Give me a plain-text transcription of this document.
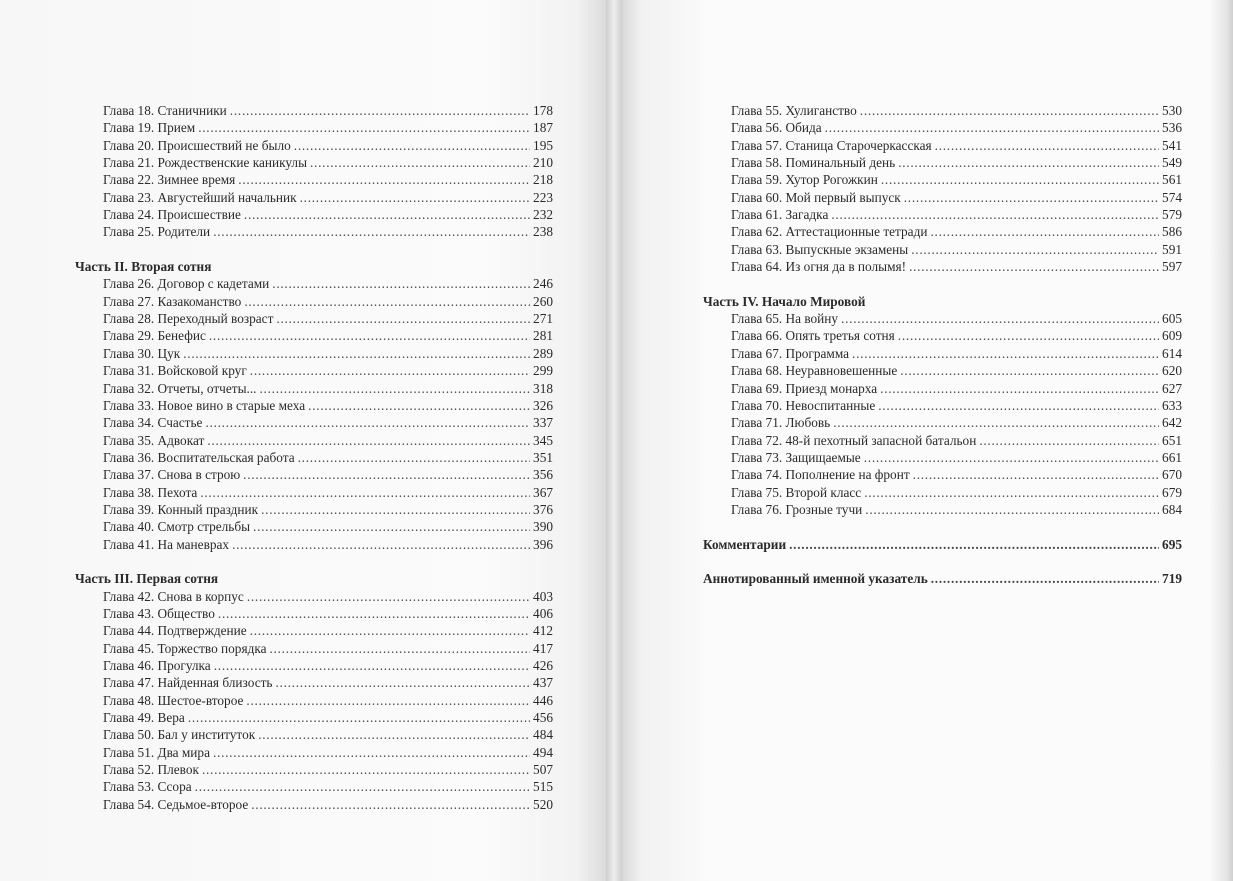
Глава 18. Станичники . . .	178
Глава 19. Прием . . .	187
Глава 20. Происшествий не было . . .	195
Глава 21. Рождественские каникулы . . .	210
Глава 22. Зимнее время . . .	218
Глава 23. Августейший начальник . . .	223
Глава 24. Происшествие . . .	232
Глава 25. Родители . . .	238
Часть II. Вторая сотня
Глава 26. Договор с кадетами . . .	246
Глава 27. Казакоманство . . .	260
Глава 28. Переходный возраст . . .	271
Глава 29. Бенефис . . .	281
Глава 30. Цук . . .	289
Глава 31. Войсковой круг . . .	299
Глава 32. Отчеты, отчеты... . . .	318
Глава 33. Новое вино в старые меха . . .	326
Глава 34. Счастье . . .	337
Глава 35. Адвокат . . .	345
Глава 36. Воспитательская работа . . .	351
Глава 37. Снова в строю . . .	356
Глава 38. Пехота . . .	367
Глава 39. Конный праздник . . .	376
Глава 40. Смотр стрельбы . . .	390
Глава 41. На маневрах . . .	396
Часть III. Первая сотня
Глава 42. Снова в корпус . . .	403
Глава 43. Общество . . .	406
Глава 44. Подтверждение . . .	412
Глава 45. Торжество порядка . . .	417
Глава 46. Прогулка . . .	426
Глава 47. Найденная близость . . .	437
Глава 48. Шестое-второе . . .	446
Глава 49. Вера . . .	456
Глава 50. Бал у институток . . .	484
Глава 51. Два мира . . .	494
Глава 52. Плевок . . .	507
Глава 53. Ссора . . .	515
Глава 54. Седьмое-второе . . .	520
Глава 55. Хулиганство . . .	530
Глава 56. Обида . . .	536
Глава 57. Станица Старочеркасская . . .	541
Глава 58. Поминальный день . . .	549
Глава 59. Хутор Рогожкин . . .	561
Глава 60. Мой первый выпуск . . .	574
Глава 61. Загадка . . .	579
Глава 62. Аттестационные тетради . . .	586
Глава 63. Выпускные экзамены . . .	591
Глава 64. Из огня да в полымя! . . .	597
Часть IV. Начало Мировой
Глава 65. На войну . . .	605
Глава 66. Опять третья сотня . . .	609
Глава 67. Программа . . .	614
Глава 68. Неуравновешенные . . .	620
Глава 69. Приезд монарха . . .	627
Глава 70. Невоспитанные . . .	633
Глава 71. Любовь . . .	642
Глава 72. 48-й пехотный запасной батальон . . .	651
Глава 73. Защищаемые . . .	661
Глава 74. Пополнение на фронт . . .	670
Глава 75. Второй класс . . .	679
Глава 76. Грозные тучи . . .	684
Комментарии . . .	695
Аннотированный именной указатель . . .	719
